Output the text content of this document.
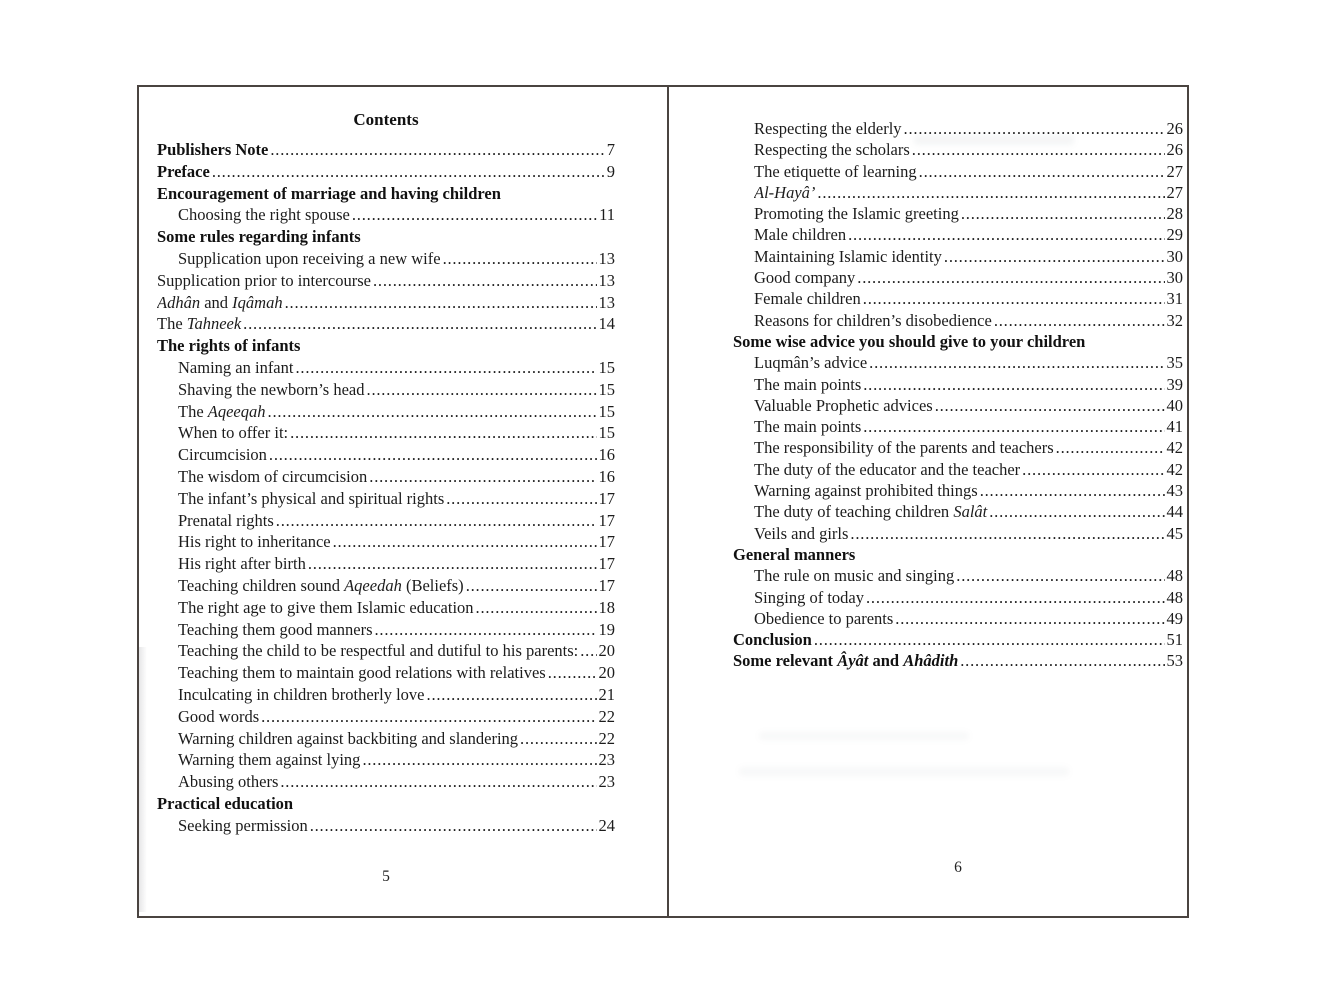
Contents
Publishers Note .....	7
Preface .....	9
Encouragement of marriage and having children
Choosing the right spouse .....	11
Some rules regarding infants
Supplication upon receiving a new wife .....	13
Supplication prior to intercourse .....	13
Adhân and Iqâmah .....	13
The Tahneek .....	14
The rights of infants
Naming an infant .....	15
Shaving the newborn’s head .....	15
The Aqeeqah .....	15
When to offer it: .....	15
Circumcision .....	16
The wisdom of circumcision .....	16
The infant’s physical and spiritual rights .....	17
Prenatal rights .....	17
His right to inheritance .....	17
His right after birth .....	17
Teaching children sound Aqeedah (Beliefs) .....	17
The right age to give them Islamic education .....	18
Teaching them good manners .....	19
Teaching the child to be respectful and dutiful to his parents: ..... 20
Teaching them to maintain good relations with relatives .....	20
Inculcating in children brotherly love .....	21
Good words .....	22
Warning children against backbiting and slandering .....	22
Warning them against lying .....	23
Abusing others .....	23
Practical education
Seeking permission .....	24
5
Respecting the elderly .....	26
Respecting the scholars .....	26
The etiquette of learning .....	27
Al-Hayâ’ .....	27
Promoting the Islamic greeting .....	28
Male children .....	29
Maintaining Islamic identity .....	30
Good company .....	30
Female children .....	31
Reasons for children’s disobedience .....	32
Some wise advice you should give to your children
Luqmân’s advice .....	35
The main points .....	39
Valuable Prophetic advices .....	40
The main points .....	41
The responsibility of the parents and teachers .....	42
The duty of the educator and the teacher .....	42
Warning against prohibited things .....	43
The duty of teaching children Salât .....	44
Veils and girls .....	45
General manners
The rule on music and singing .....	48
Singing of today .....	48
Obedience to parents .....	49
Conclusion .....	51
Some relevant Âyât and Ahâdith .....	53
6
